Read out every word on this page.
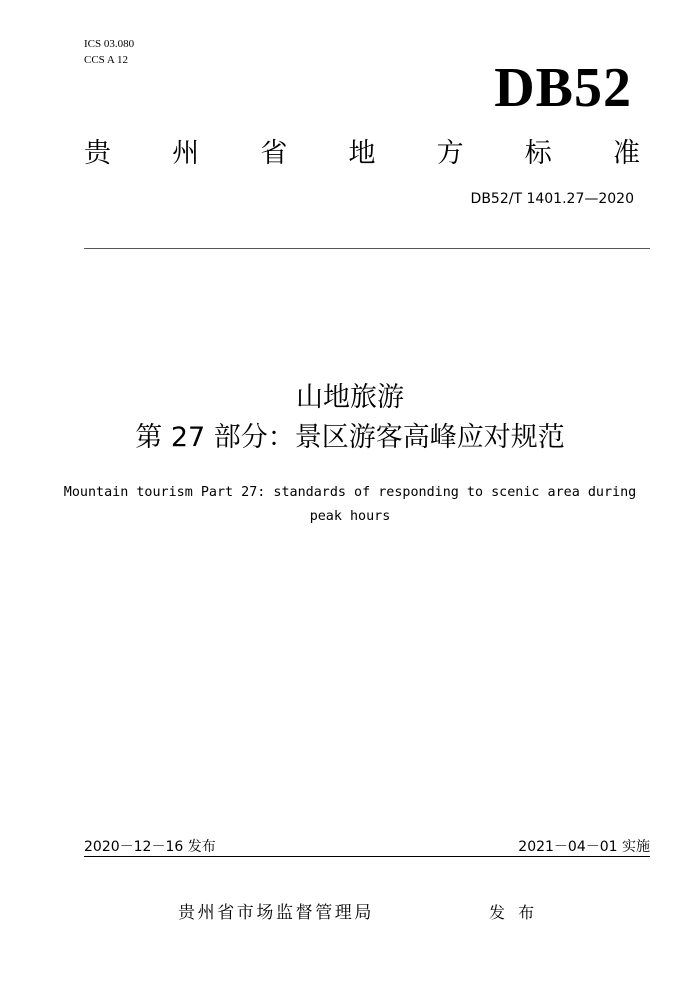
ICS 03.080
CCS A 12	DB52
贵 州 省 地 方 标 准
DB52/T 1401.27—2020
山地旅游
第 27 部分：景区游客高峰应对规范
Mountain tourism Part 27: standards of responding to scenic area during
peak hours
2020－12－16 发布	2021－04－01 实施
贵州省市场监督管理局	发 布
